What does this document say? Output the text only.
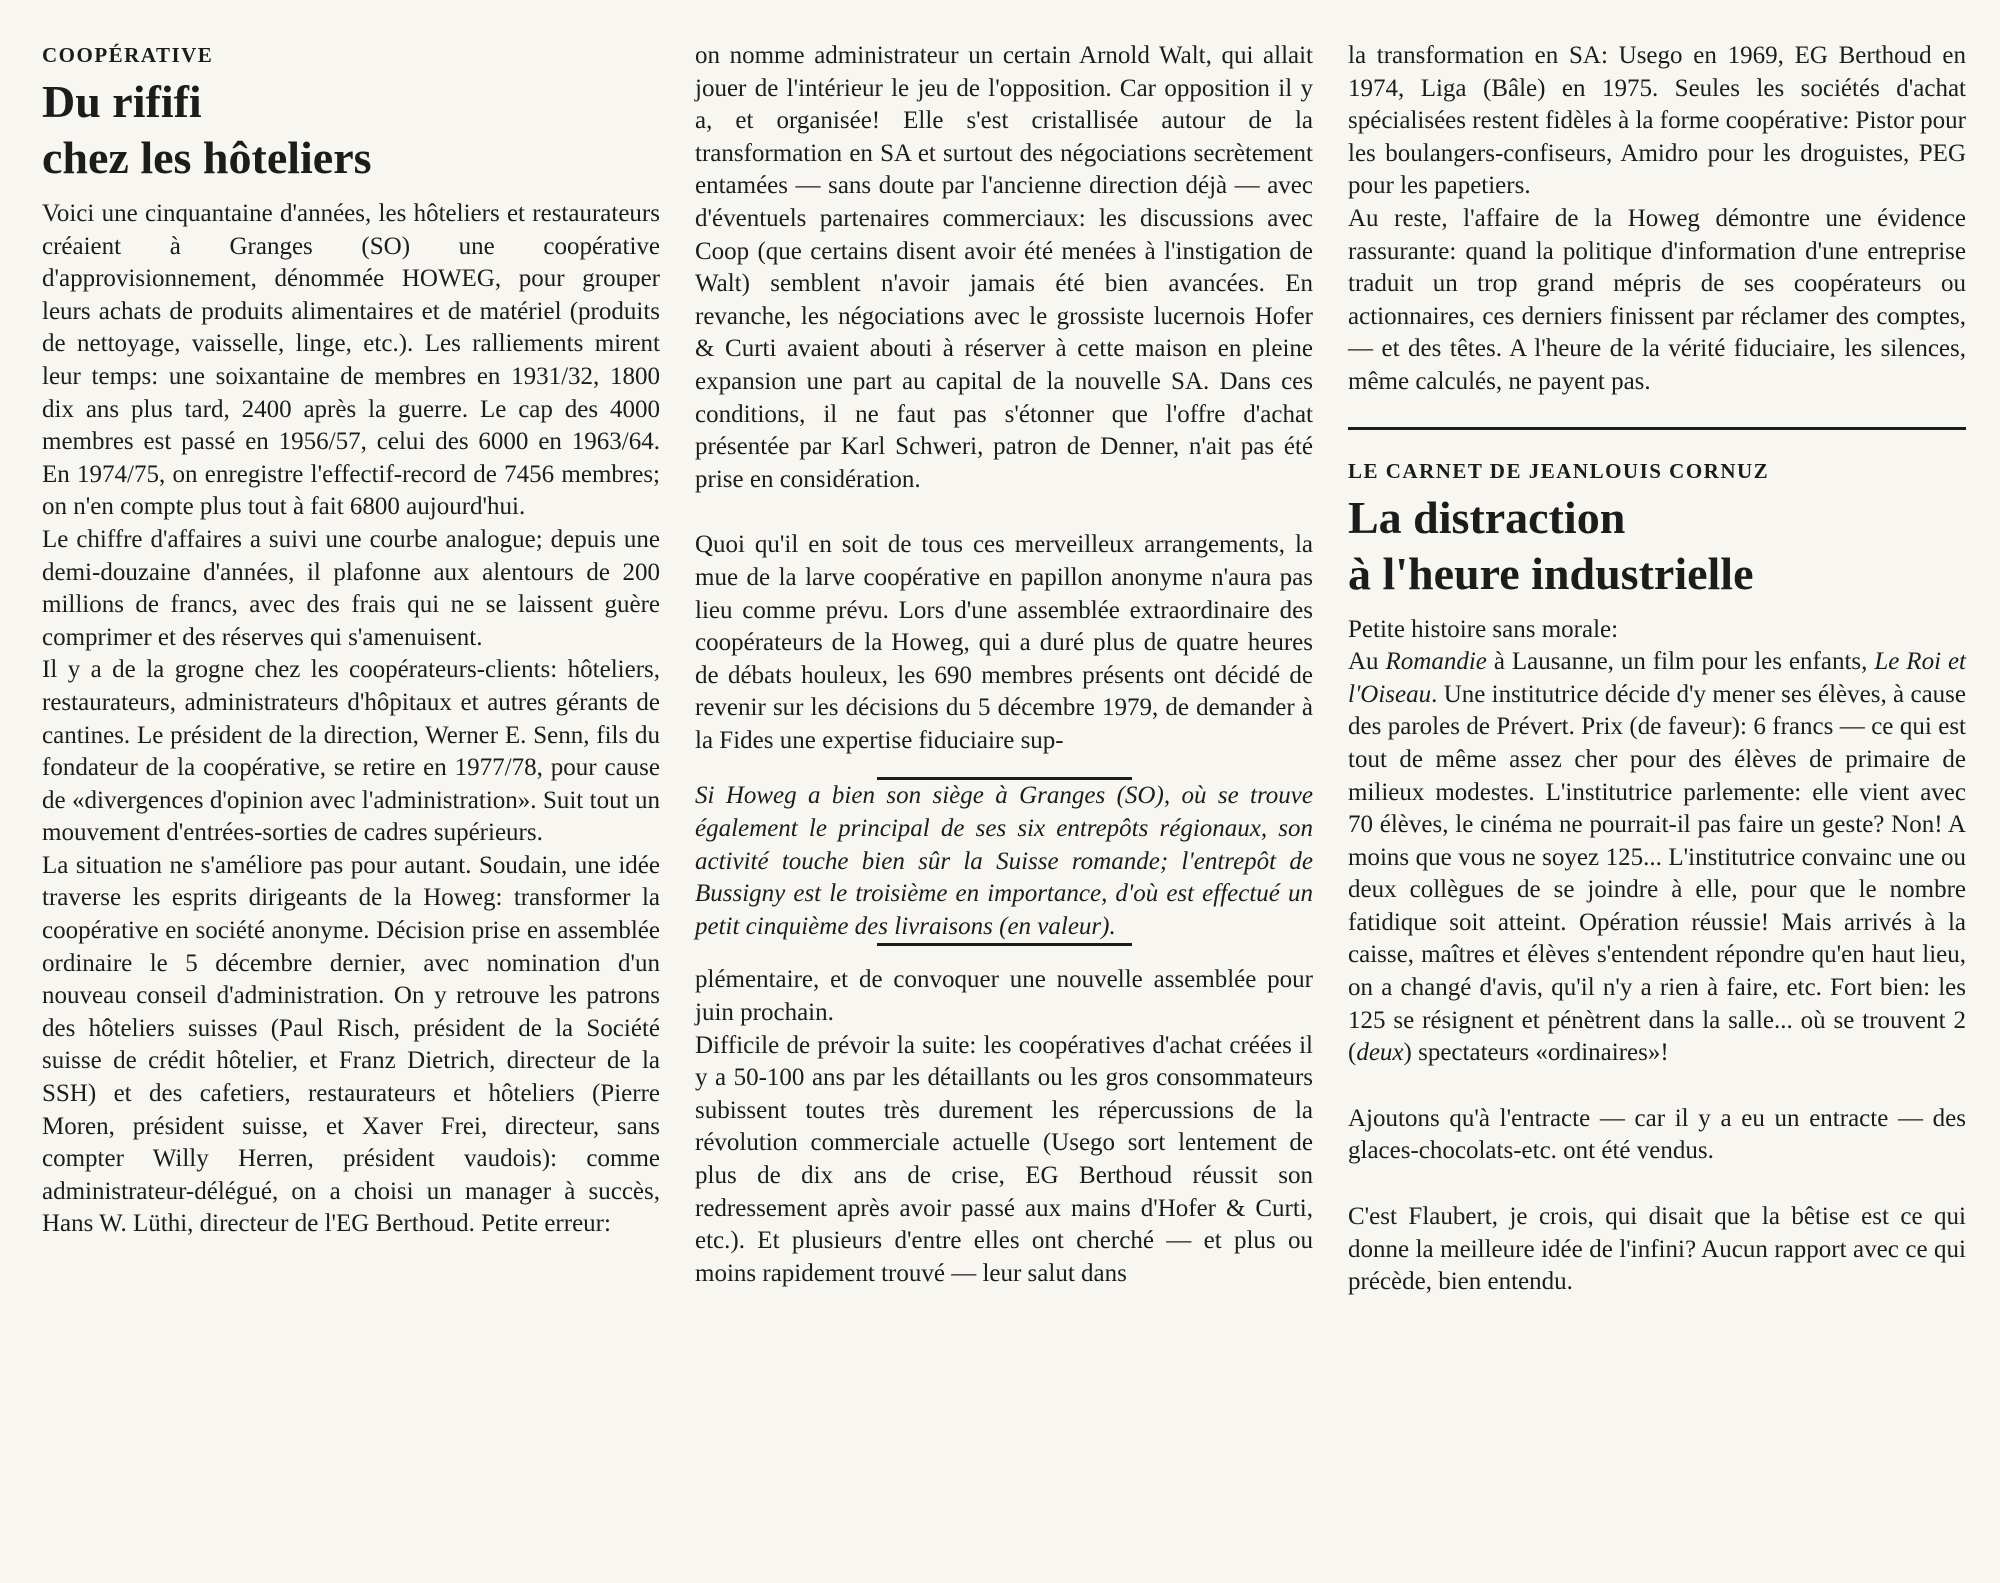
COOPÉRATIVE

Du rififi
chez les hôteliers

Voici une cinquantaine d'années, les hôteliers et restaurateurs créaient à Granges (SO) une coopérative d'approvisionnement, dénommée HOWEG, pour grouper leurs achats de produits alimentaires et de matériel (produits de nettoyage, vaisselle, linge, etc.). Les ralliements mirent leur temps: une soixantaine de membres en 1931/32, 1800 dix ans plus tard, 2400 après la guerre. Le cap des 4000 membres est passé en 1956/57, celui des 6000 en 1963/64. En 1974/75, on enregistre l'effectif-record de 7456 membres; on n'en compte plus tout à fait 6800 aujourd'hui.

Le chiffre d'affaires a suivi une courbe analogue; depuis une demi-douzaine d'années, il plafonne aux alentours de 200 millions de francs, avec des frais qui ne se laissent guère comprimer et des réserves qui s'amenuisent.

Il y a de la grogne chez les coopérateurs-clients: hôteliers, restaurateurs, administrateurs d'hôpitaux et autres gérants de cantines. Le président de la direction, Werner E. Senn, fils du fondateur de la coopérative, se retire en 1977/78, pour cause de «divergences d'opinion avec l'administration». Suit tout un mouvement d'entrées-sorties de cadres supérieurs.

La situation ne s'améliore pas pour autant. Soudain, une idée traverse les esprits dirigeants de la Howeg: transformer la coopérative en société anonyme. Décision prise en assemblée ordinaire le 5 décembre dernier, avec nomination d'un nouveau conseil d'administration. On y retrouve les patrons des hôteliers suisses (Paul Risch, président de la Société suisse de crédit hôtelier, et Franz Dietrich, directeur de la SSH) et des cafetiers, restaurateurs et hôteliers (Pierre Moren, président suisse, et Xaver Frei, directeur, sans compter Willy Herren, président vaudois): comme administrateur-délégué, on a choisi un manager à succès, Hans W. Lüthi, directeur de l'EG Berthoud. Petite erreur:

on nomme administrateur un certain Arnold Walt, qui allait jouer de l'intérieur le jeu de l'opposition. Car opposition il y a, et organisée! Elle s'est cristallisée autour de la transformation en SA et surtout des négociations secrètement entamées — sans doute par l'ancienne direction déjà — avec d'éventuels partenaires commerciaux: les discussions avec Coop (que certains disent avoir été menées à l'instigation de Walt) semblent n'avoir jamais été bien avancées. En revanche, les négociations avec le grossiste lucernois Hofer & Curti avaient abouti à réserver à cette maison en pleine expansion une part au capital de la nouvelle SA. Dans ces conditions, il ne faut pas s'étonner que l'offre d'achat présentée par Karl Schweri, patron de Denner, n'ait pas été prise en considération.

Quoi qu'il en soit de tous ces merveilleux arrangements, la mue de la larve coopérative en papillon anonyme n'aura pas lieu comme prévu. Lors d'une assemblée extraordinaire des coopérateurs de la Howeg, qui a duré plus de quatre heures de débats houleux, les 690 membres présents ont décidé de revenir sur les décisions du 5 décembre 1979, de demander à la Fides une expertise fiduciaire sup-

Si Howeg a bien son siège à Granges (SO), où se trouve également le principal de ses six entrepôts régionaux, son activité touche bien sûr la Suisse romande; l'entrepôt de Bussigny est le troisième en importance, d'où est effectué un petit cinquième des livraisons (en valeur).

plémentaire, et de convoquer une nouvelle assemblée pour juin prochain.

Difficile de prévoir la suite: les coopératives d'achat créées il y a 50-100 ans par les détaillants ou les gros consommateurs subissent toutes très durement les répercussions de la révolution commerciale actuelle (Usego sort lentement de plus de dix ans de crise, EG Berthoud réussit son redressement après avoir passé aux mains d'Hofer & Curti, etc.). Et plusieurs d'entre elles ont cherché — et plus ou moins rapidement trouvé — leur salut dans

la transformation en SA: Usego en 1969, EG Berthoud en 1974, Liga (Bâle) en 1975. Seules les sociétés d'achat spécialisées restent fidèles à la forme coopérative: Pistor pour les boulangers-confiseurs, Amidro pour les droguistes, PEG pour les papetiers.

Au reste, l'affaire de la Howeg démontre une évidence rassurante: quand la politique d'information d'une entreprise traduit un trop grand mépris de ses coopérateurs ou actionnaires, ces derniers finissent par réclamer des comptes, — et des têtes. A l'heure de la vérité fiduciaire, les silences, même calculés, ne payent pas.

LE CARNET DE JEANLOUIS CORNUZ

La distraction
à l'heure industrielle

Petite histoire sans morale:

Au Romandie à Lausanne, un film pour les enfants, Le Roi et l'Oiseau. Une institutrice décide d'y mener ses élèves, à cause des paroles de Prévert. Prix (de faveur): 6 francs — ce qui est tout de même assez cher pour des élèves de primaire de milieux modestes. L'institutrice parlemente: elle vient avec 70 élèves, le cinéma ne pourrait-il pas faire un geste? Non! A moins que vous ne soyez 125... L'institutrice convainc une ou deux collègues de se joindre à elle, pour que le nombre fatidique soit atteint. Opération réussie! Mais arrivés à la caisse, maîtres et élèves s'entendent répondre qu'en haut lieu, on a changé d'avis, qu'il n'y a rien à faire, etc. Fort bien: les 125 se résignent et pénètrent dans la salle... où se trouvent 2 (deux) spectateurs «ordinaires»!

Ajoutons qu'à l'entracte — car il y a eu un entracte — des glaces-chocolats-etc. ont été vendus.

C'est Flaubert, je crois, qui disait que la bêtise est ce qui donne la meilleure idée de l'infini? Aucun rapport avec ce qui précède, bien entendu.
